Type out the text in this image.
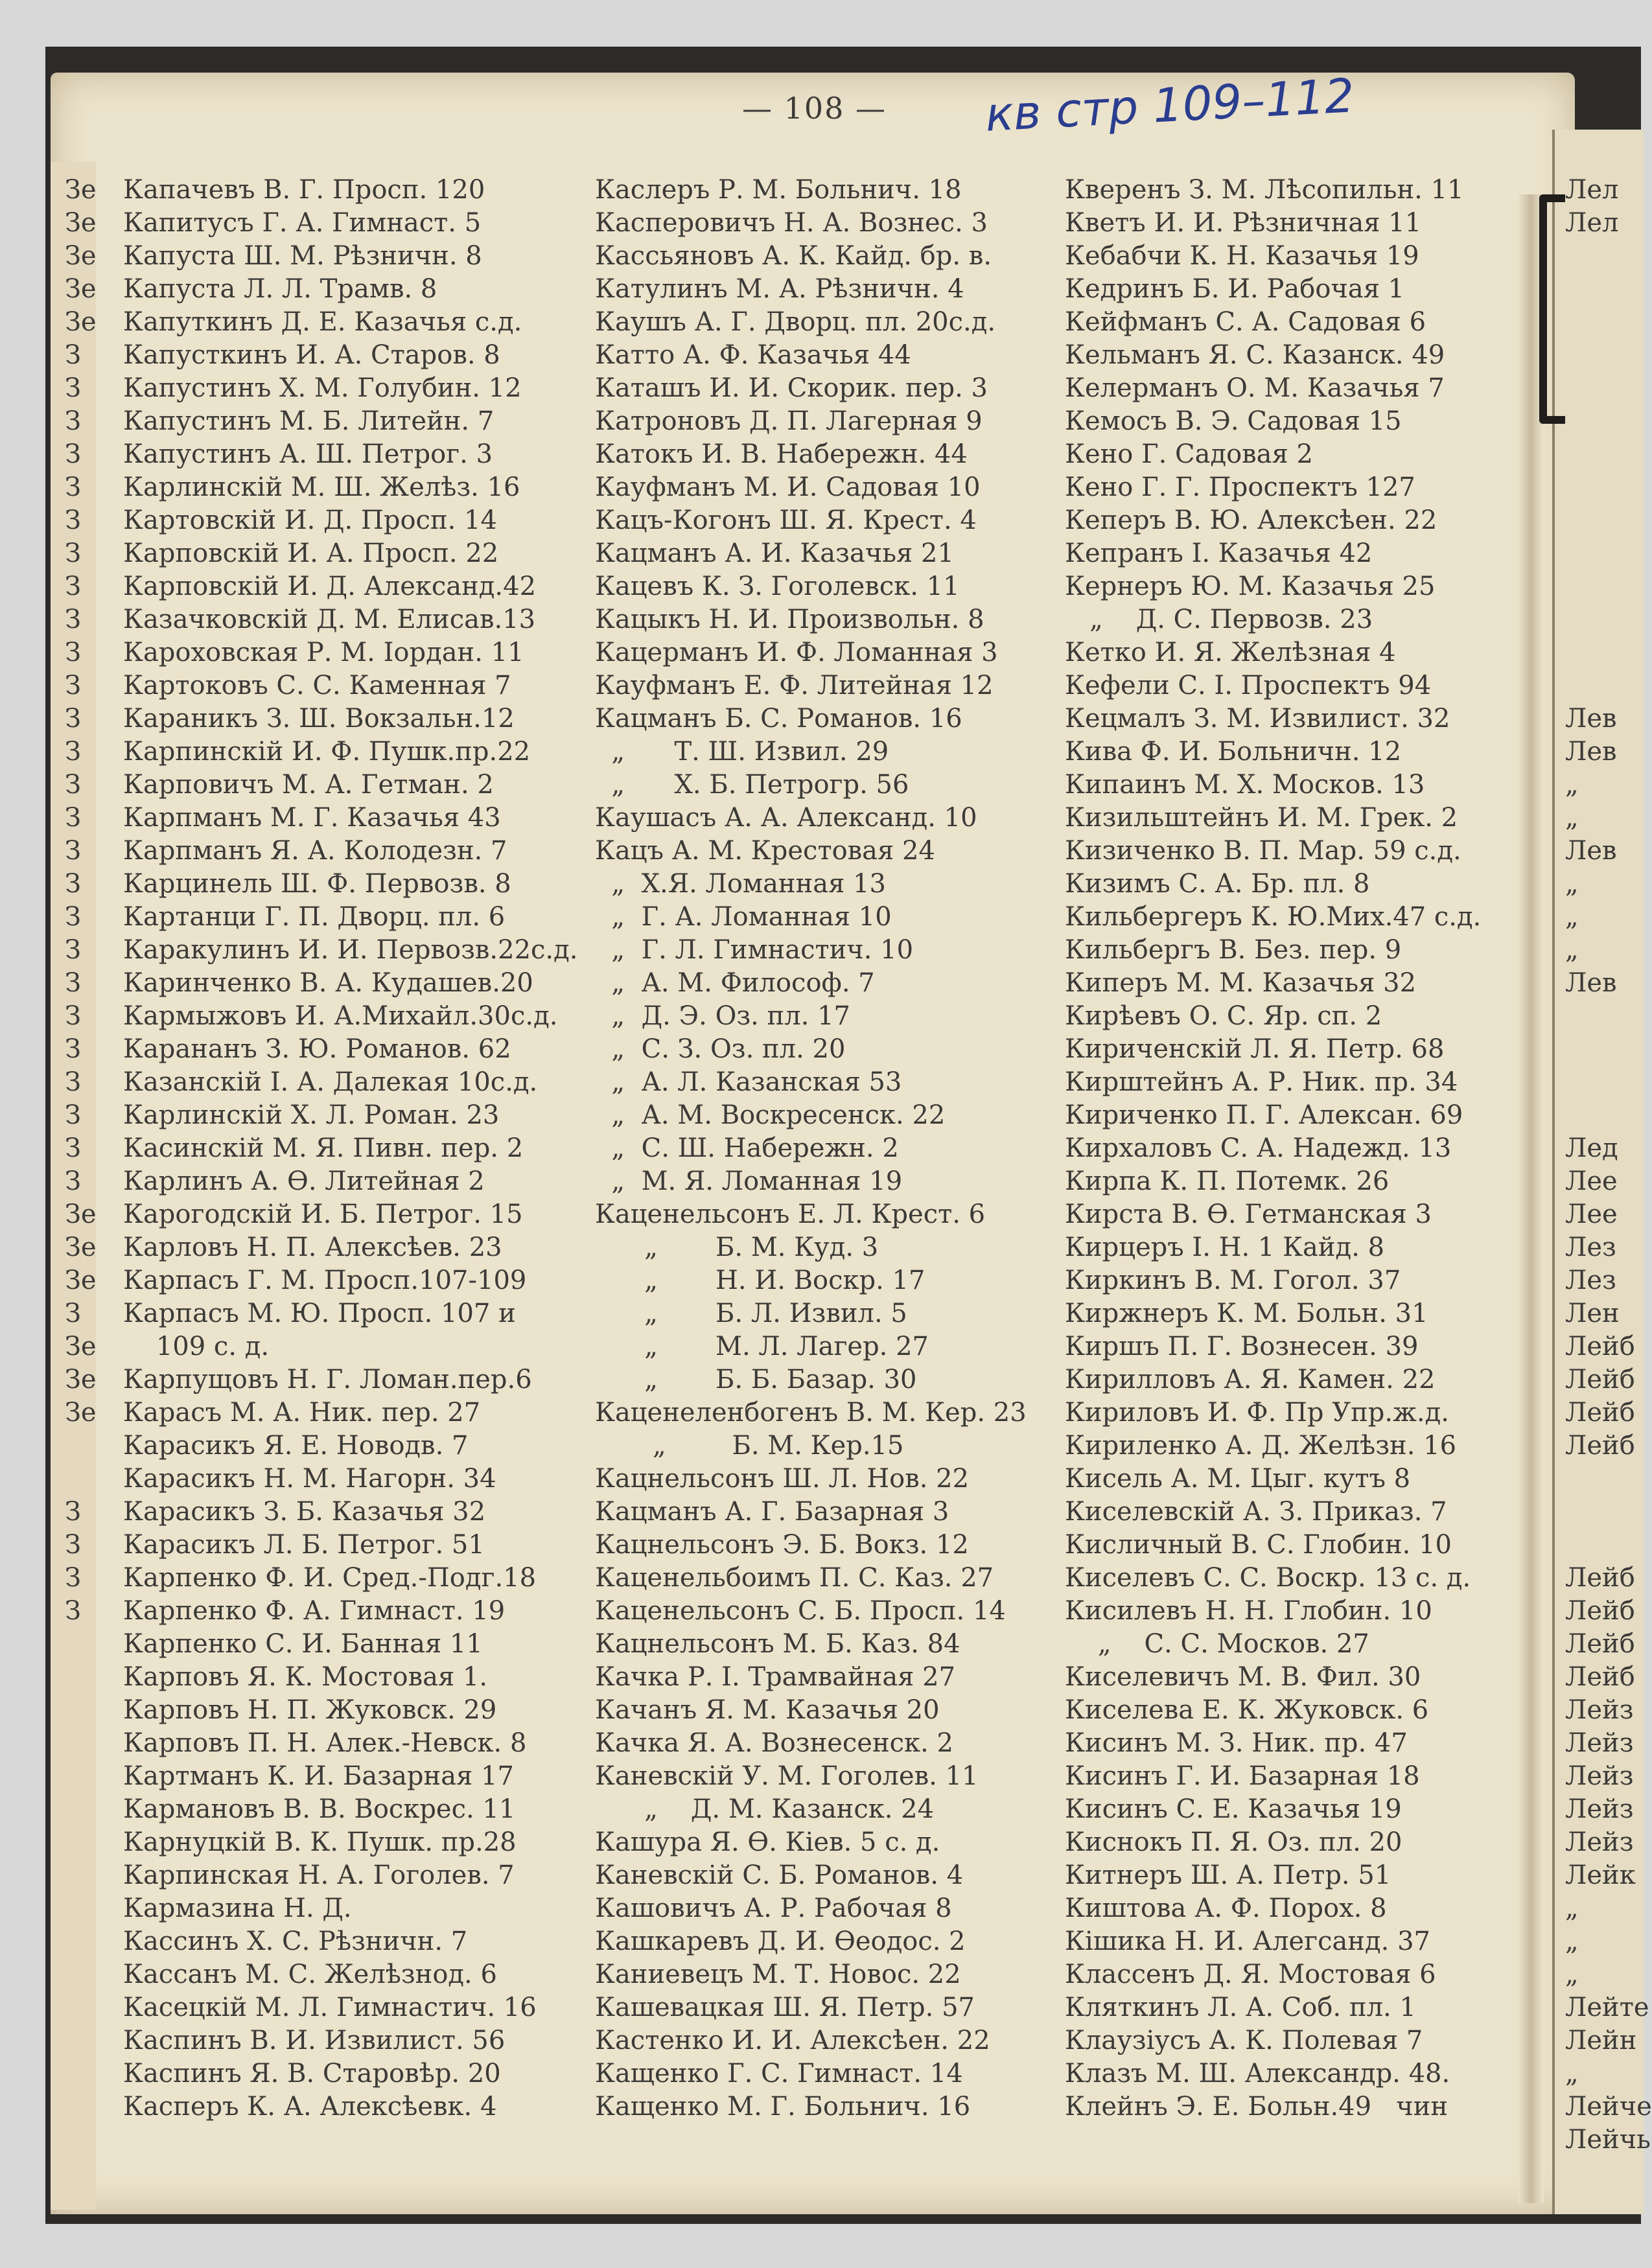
— 108 — кв стр 109–112
Зе
Зе
Зе
Зе
Зе
З
З
З
З
З
З
З
З
З
З
З
З
З
З
З
З
З
З
З
З
З
З
З
З
З
З
Зе
Зе
Зе
З
Зе
Зе
Зе
З
З
З
З
Капачевъ В. Г. Просп. 120
Капитусъ Г. А. Гимнаст. 5
Капуста Ш. М. Рѣзничн. 8
Капуста Л. Л. Трамв. 8
Капуткинъ Д. Е. Казачья с.д.
Капусткинъ И. А. Старов. 8
Капустинъ Х. М. Голубин. 12
Капустинъ М. Б. Литейн. 7
Капустинъ А. Ш. Петрог. 3
Карлинскій М. Ш. Желѣз. 16
Картовскій И. Д. Просп. 14
Карповскій И. А. Просп. 22
Карповскій И. Д. Александ.42
Казачковскій Д. М. Елисав.13
Кароховская Р. М. Іордан. 11
Картоковъ С. С. Каменная 7
Караникъ З. Ш. Вокзальн.12
Карпинскій И. Ф. Пушк.пр.22
Карповичъ М. А. Гетман. 2
Карпманъ М. Г. Казачья 43
Карпманъ Я. А. Колодезн. 7
Карцинель Ш. Ф. Первозв. 8
Картанци Г. П. Дворц. пл. 6
Каракулинъ И. И. Первозв.22с.д.
Каринченко В. А. Кудашев.20
Кармыжовъ И. А.Михайл.30с.д.
Карананъ З. Ю. Романов. 62
Казанскій І. А. Далекая 10с.д.
Карлинскій Х. Л. Роман. 23
Касинскій М. Я. Пивн. пер. 2
Карлинъ А. Ѳ. Литейная 2
Карогодскій И. Б. Петрог. 15
Карловъ Н. П. Алексѣев. 23
Карпасъ Г. М. Просп.107-109
Карпасъ М. Ю. Просп. 107 и
109 с. д.
Карпущовъ Н. Г. Ломан.пер.6
Карасъ М. А. Ник. пер. 27
Карасикъ Я. Е. Новодв. 7
Карасикъ Н. М. Нагорн. 34
Карасикъ З. Б. Казачья 32
Карасикъ Л. Б. Петрог. 51
Карпенко Ф. И. Сред.-Подг.18
Карпенко Ф. А. Гимнаст. 19
Карпенко С. И. Банная 11
Карповъ Я. К. Мостовая 1.
Карповъ Н. П. Жуковск. 29
Карповъ П. Н. Алек.-Невск. 8
Картманъ К. И. Базарная 17
Кармановъ В. В. Воскрес. 11
Карнуцкій В. К. Пушк. пр.28
Карпинская Н. А. Гоголев. 7
Кармазина Н. Д.
Кассинъ Х. С. Рѣзничн. 7
Кассанъ М. С. Желѣзнод. 6
Касецкій М. Л. Гимнастич. 16
Каспинъ В. И. Извилист. 56
Каспинъ Я. В. Старовѣр. 20
Касперъ К. А. Алексѣевк. 4
Каслеръ Р. М. Больнич. 18
Касперовичъ Н. А. Вознес. 3
Кассьяновъ А. К. Кайд. бр. в.
Катулинъ М. А. Рѣзничн. 4
Каушъ А. Г. Дворц. пл. 20с.д.
Катто А. Ф. Казачья 44
Каташъ И. И. Скорик. пер. 3
Катроновъ Д. П. Лагерная 9
Катокъ И. В. Набережн. 44
Кауфманъ М. И. Садовая 10
Кацъ-Когонъ Ш. Я. Крест. 4
Кацманъ А. И. Казачья 21
Кацевъ К. З. Гоголевск. 11
Кацыкъ Н. И. Произвольн. 8
Кацерманъ И. Ф. Ломанная 3
Кауфманъ Е. Ф. Литейная 12
Кацманъ Б. С. Романов. 16
„      Т. Ш. Извил. 29
„      Х. Б. Петрогр. 56
Каушасъ А. А. Александ. 10
Кацъ А. М. Крестовая 24
„  Х.Я. Ломанная 13
„  Г. А. Ломанная 10
„  Г. Л. Гимнастич. 10
„  А. М. Философ. 7
„  Д. Э. Оз. пл. 17
„  С. З. Оз. пл. 20
„  А. Л. Казанская 53
„  А. М. Воскресенск. 22
„  С. Ш. Набережн. 2
„  М. Я. Ломанная 19
Каценельсонъ Е. Л. Крест. 6
„       Б. М. Куд. 3
„       Н. И. Воскр. 17
„       Б. Л. Извил. 5
„       М. Л. Лагер. 27
„       Б. Б. Базар. 30
Каценеленбогенъ В. М. Кер. 23
„        Б. М. Кер.15
Кацнельсонъ Ш. Л. Нов. 22
Кацманъ А. Г. Базарная 3
Кацнельсонъ Э. Б. Вокз. 12
Каценельбоимъ П. С. Каз. 27
Каценельсонъ С. Б. Просп. 14
Кацнельсонъ М. Б. Каз. 84
Качка Р. І. Трамвайная 27
Качанъ Я. М. Казачья 20
Качка Я. А. Вознесенск. 2
Каневскій У. М. Гоголев. 11
„    Д. М. Казанск. 24
Кашура Я. Ѳ. Кіев. 5 с. д.
Каневскій С. Б. Романов. 4
Кашовичъ А. Р. Рабочая 8
Кашкаревъ Д. И. Ѳеодос. 2
Каниевецъ М. Т. Новос. 22
Кашевацкая Ш. Я. Петр. 57
Кастенко И. И. Алексѣен. 22
Кащенко Г. С. Гимнаст. 14
Кащенко М. Г. Больнич. 16
Кверенъ З. М. Лѣсопильн. 11
Кветъ И. И. Рѣзничная 11
Кебабчи К. Н. Казачья 19
Кедринъ Б. И. Рабочая 1
Кейфманъ С. А. Садовая 6
Кельманъ Я. С. Казанск. 49
Келерманъ О. М. Казачья 7
Кемосъ В. Э. Садовая 15
Кено Г. Садовая 2
Кено Г. Г. Проспектъ 127
Кеперъ В. Ю. Алексѣен. 22
Кепранъ І. Казачья 42
Кернеръ Ю. М. Казачья 25
„    Д. С. Первозв. 23
Кетко И. Я. Желѣзная 4
Кефели С. І. Проспектъ 94
Кецмалъ З. М. Извилист. 32
Кива Ф. И. Больничн. 12
Кипаинъ М. Х. Москов. 13
Кизильштейнъ И. М. Грек. 2
Кизиченко В. П. Мар. 59 с.д.
Кизимъ С. А. Бр. пл. 8
Кильбергеръ К. Ю.Мих.47 с.д.
Кильбергъ В. Без. пер. 9
Киперъ М. М. Казачья 32
Кирѣевъ О. С. Яр. сп. 2
Кириченскій Л. Я. Петр. 68
Кирштейнъ А. Р. Ник. пр. 34
Кириченко П. Г. Алексан. 69
Кирхаловъ С. А. Надежд. 13
Кирпа К. П. Потемк. 26
Кирста В. Ѳ. Гетманская 3
Кирцеръ І. Н. 1 Кайд. 8
Киркинъ В. М. Гогол. 37
Киржнеръ К. М. Больн. 31
Киршъ П. Г. Вознесен. 39
Кирилловъ А. Я. Камен. 22
Кириловъ И. Ф. Пр Упр.ж.д.
Кириленко А. Д. Желѣзн. 16
Кисель А. М. Цыг. кутъ 8
Киселевскій А. З. Приказ. 7
Кисличный В. С. Глобин. 10
Киселевъ С. С. Воскр. 13 с. д.
Кисилевъ Н. Н. Глобин. 10
„    С. С. Москов. 27
Киселевичъ М. В. Фил. 30
Киселева Е. К. Жуковск. 6
Кисинъ М. З. Ник. пр. 47
Кисинъ Г. И. Базарная 18
Кисинъ С. Е. Казачья 19
Киснокъ П. Я. Оз. пл. 20
Китнеръ Ш. А. Петр. 51
Киштова А. Ф. Порох. 8
Кішика Н. И. Алегсанд. 37
Классенъ Д. Я. Мостовая 6
Кляткинъ Л. А. Соб. пл. 1
Клаузіусъ А. К. Полевая 7
Клазъ М. Ш. Александр. 48.
Клейнъ Э. Е. Больн.49   чин
Лел
Лел
Лев
Лев
„
„
Лев
„
„
„
Лев
Лед
Лее
Лее
Лез
Лез
Лен
Лейб
Лейб
Лейб
Лейб
Лейб
Лейб
Лейб
Лейб
Лейз
Лейз
Лейз
Лейз
Лейз
Лейк
„
„
„
Лейте
Лейн
„
Лейче
Лейчь
